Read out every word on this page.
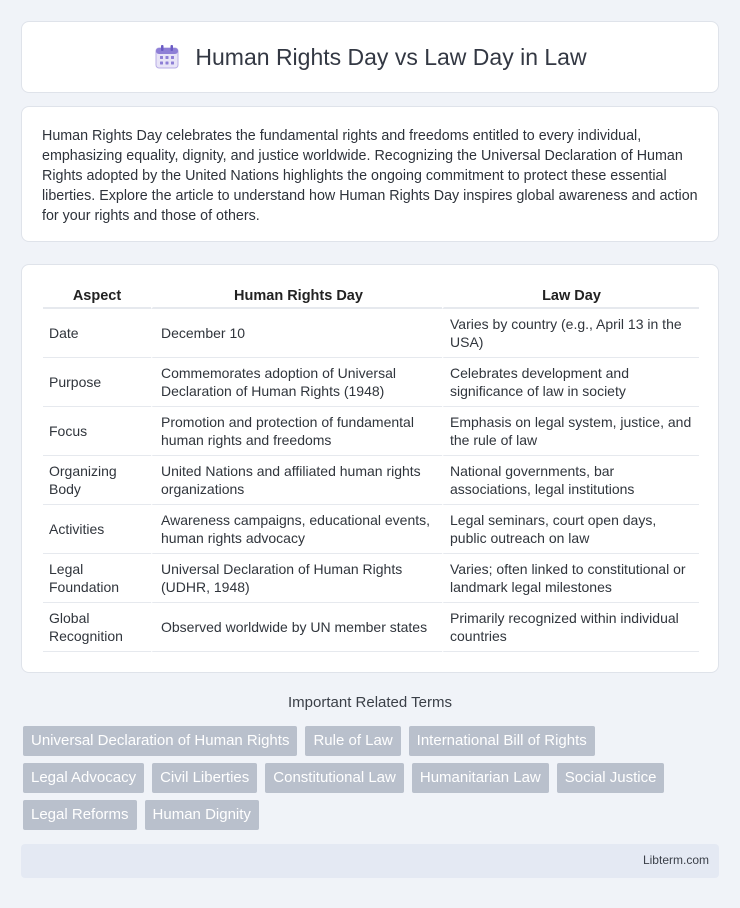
Human Rights Day vs Law Day in Law

Human Rights Day celebrates the fundamental rights and freedoms entitled to every individual, emphasizing equality, dignity, and justice worldwide. Recognizing the Universal Declaration of Human Rights adopted by the United Nations highlights the ongoing commitment to protect these essential liberties. Explore the article to understand how Human Rights Day inspires global awareness and action for your rights and those of others.

Aspect	Human Rights Day	Law Day
Date	December 10	Varies by country (e.g., April 13 in the USA)
Purpose	Commemorates adoption of Universal Declaration of Human Rights (1948)	Celebrates development and significance of law in society
Focus	Promotion and protection of fundamental human rights and freedoms	Emphasis on legal system, justice, and the rule of law
Organizing Body	United Nations and affiliated human rights organizations	National governments, bar associations, legal institutions
Activities	Awareness campaigns, educational events, human rights advocacy	Legal seminars, court open days, public outreach on law
Legal Foundation	Universal Declaration of Human Rights (UDHR, 1948)	Varies; often linked to constitutional or landmark legal milestones
Global Recognition	Observed worldwide by UN member states	Primarily recognized within individual countries
Important Related Terms
Universal Declaration of Human Rights	Rule of Law	International Bill of Rights
Legal Advocacy	Civil Liberties	Constitutional Law	Humanitarian Law	Social Justice
Legal Reforms	Human Dignity
Libterm.com
